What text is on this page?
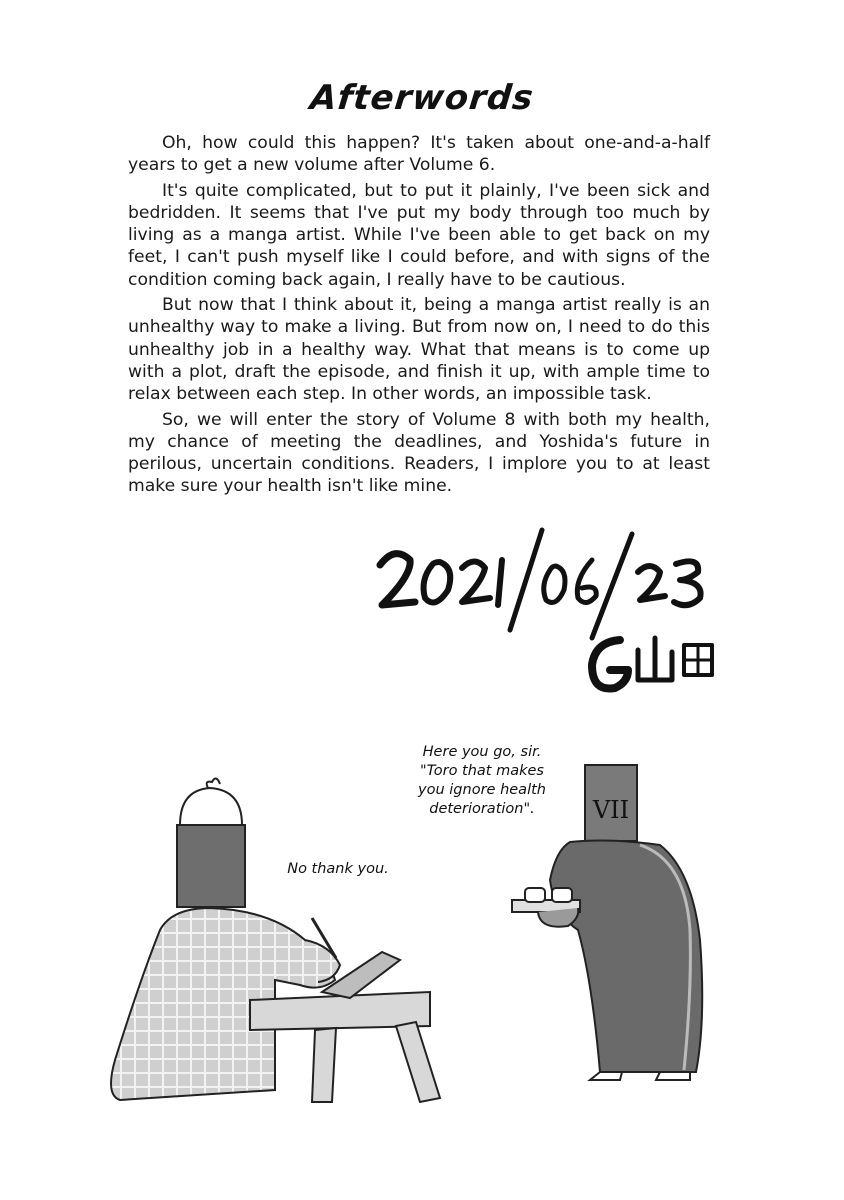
Afterwords

Oh, how could this happen? It's taken about one-and-a-half years to get a new volume after Volume 6.

It's quite complicated, but to put it plainly, I've been sick and bedridden. It seems that I've put my body through too much by living as a manga artist. While I've been able to get back on my feet, I can't push myself like I could before, and with signs of the condition coming back again, I really have to be cautious.

But now that I think about it, being a manga artist really is an unhealthy way to make a living. But from now on, I need to do this unhealthy job in a healthy way. What that means is to come up with a plot, draft the episode, and finish it up, with ample time to relax between each step. In other words, an impossible task.

So, we will enter the story of Volume 8 with both my health, my chance of meeting the deadlines, and Yoshida's future in perilous, uncertain conditions. Readers, I implore you to at least make sure your health isn't like mine.

VII
No thank you.
Here you go, sir.
"Toro that makes
you ignore health
deterioration".
